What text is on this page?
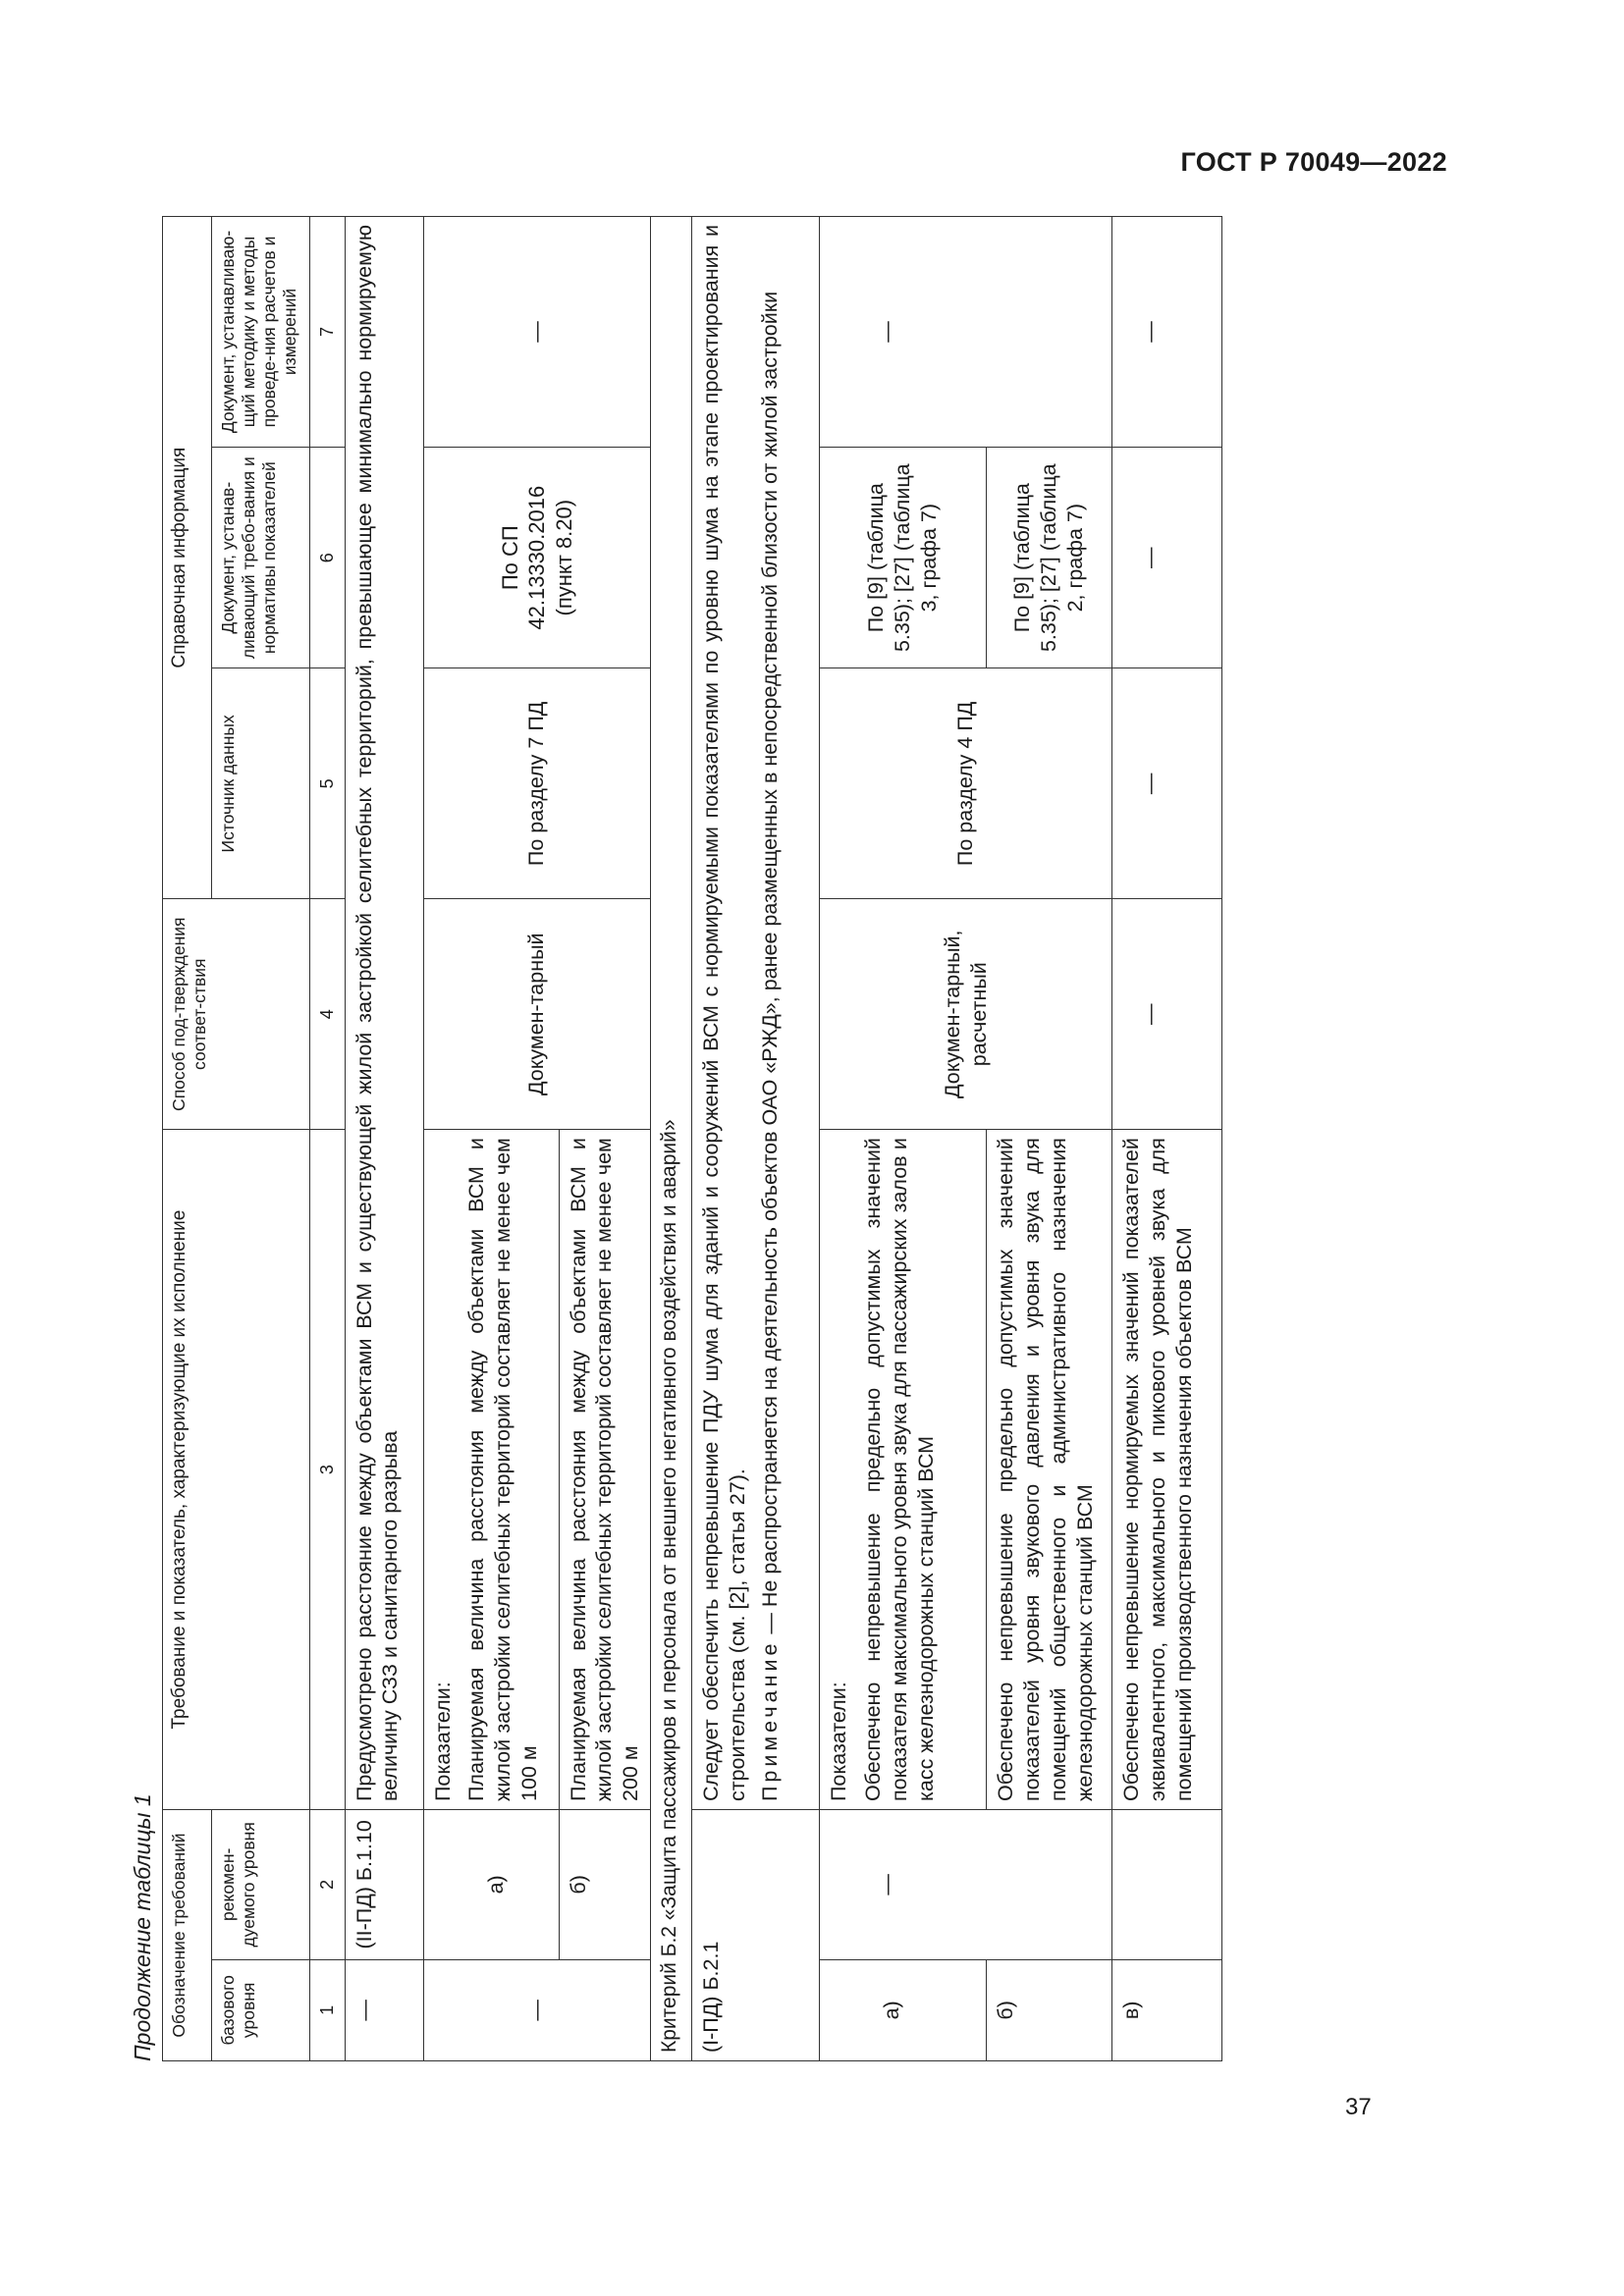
ГОСТ Р 70049—2022
37
Продолжение таблицы 1 Обозначение требований		Требование и показатель, характеризующие их исполнение	Способ под-тверждения соответ-ствия	Справочная информация		
базового уровня	рекомен-дуемого уровня			Источник данных	Документ, устанав-ливающий требо-вания и нормативы показателей	Документ, устанавливаю-щий методику и методы проведе-ния расчетов и измерений
1	2	3	4	5	6	7
—	(II-ПД) Б.1.10	Предусмотрено расстояние между объектами ВСМ и существующей жилой застройкой селитебных территорий, превышающее минимально нормируемую величину СЗЗ и санитарного разрыва				
—	а)	Показатели: Планируемая величина расстояния между объектами ВСМ и жилой застройки селитебных территорий составляет не менее чем 100 м	Докумен-тарный	По разделу 7 ПД	По СП 42.13330.2016 (пункт 8.20)	—
	б)	Планируемая величина расстояния между объектами ВСМ и жилой застройки селитебных территорий составляет не менее чем 200 м				
Критерий Б.2 «Защита пассажиров и персонала от внешнего негативного воздействия и аварий»						
(I-ПД) Б.2.1		Следует обеспечить непревышение ПДУ шума для зданий и сооружений ВСМ с нормируемыми показателями по уровню шума на этапе проектирования и строительства (см. [2], статья 27). Примечание — Не распространяется на деятельность объектов ОАО «РЖД», ранее размещенных в непосредственной близости от жилой застройки				

а)	—	Показатели: Обеспечено непревышение предельно допустимых значений показателя максимального уровня звука для пассажирских залов и касс железнодорожных станций ВСМ	Докумен-тарный, расчетный	По разделу 4 ПД	По [9] (таблица 5.35); [27] (таблица 3, графа 7)	—
б)		Обеспечено непревышение предельно допустимых значений показателей уровня звукового давления и уровня звука для помещений общественного и административного назначения железнодорожных станций ВСМ			По [9] (таблица 5.35); [27] (таблица 2, графа 7)	
в)		Обеспечено непревышение нормируемых значений показателей эквивалентного, максимального и пикового уровней звука для помещений производственного назначения объектов ВСМ	—	—	—	—
